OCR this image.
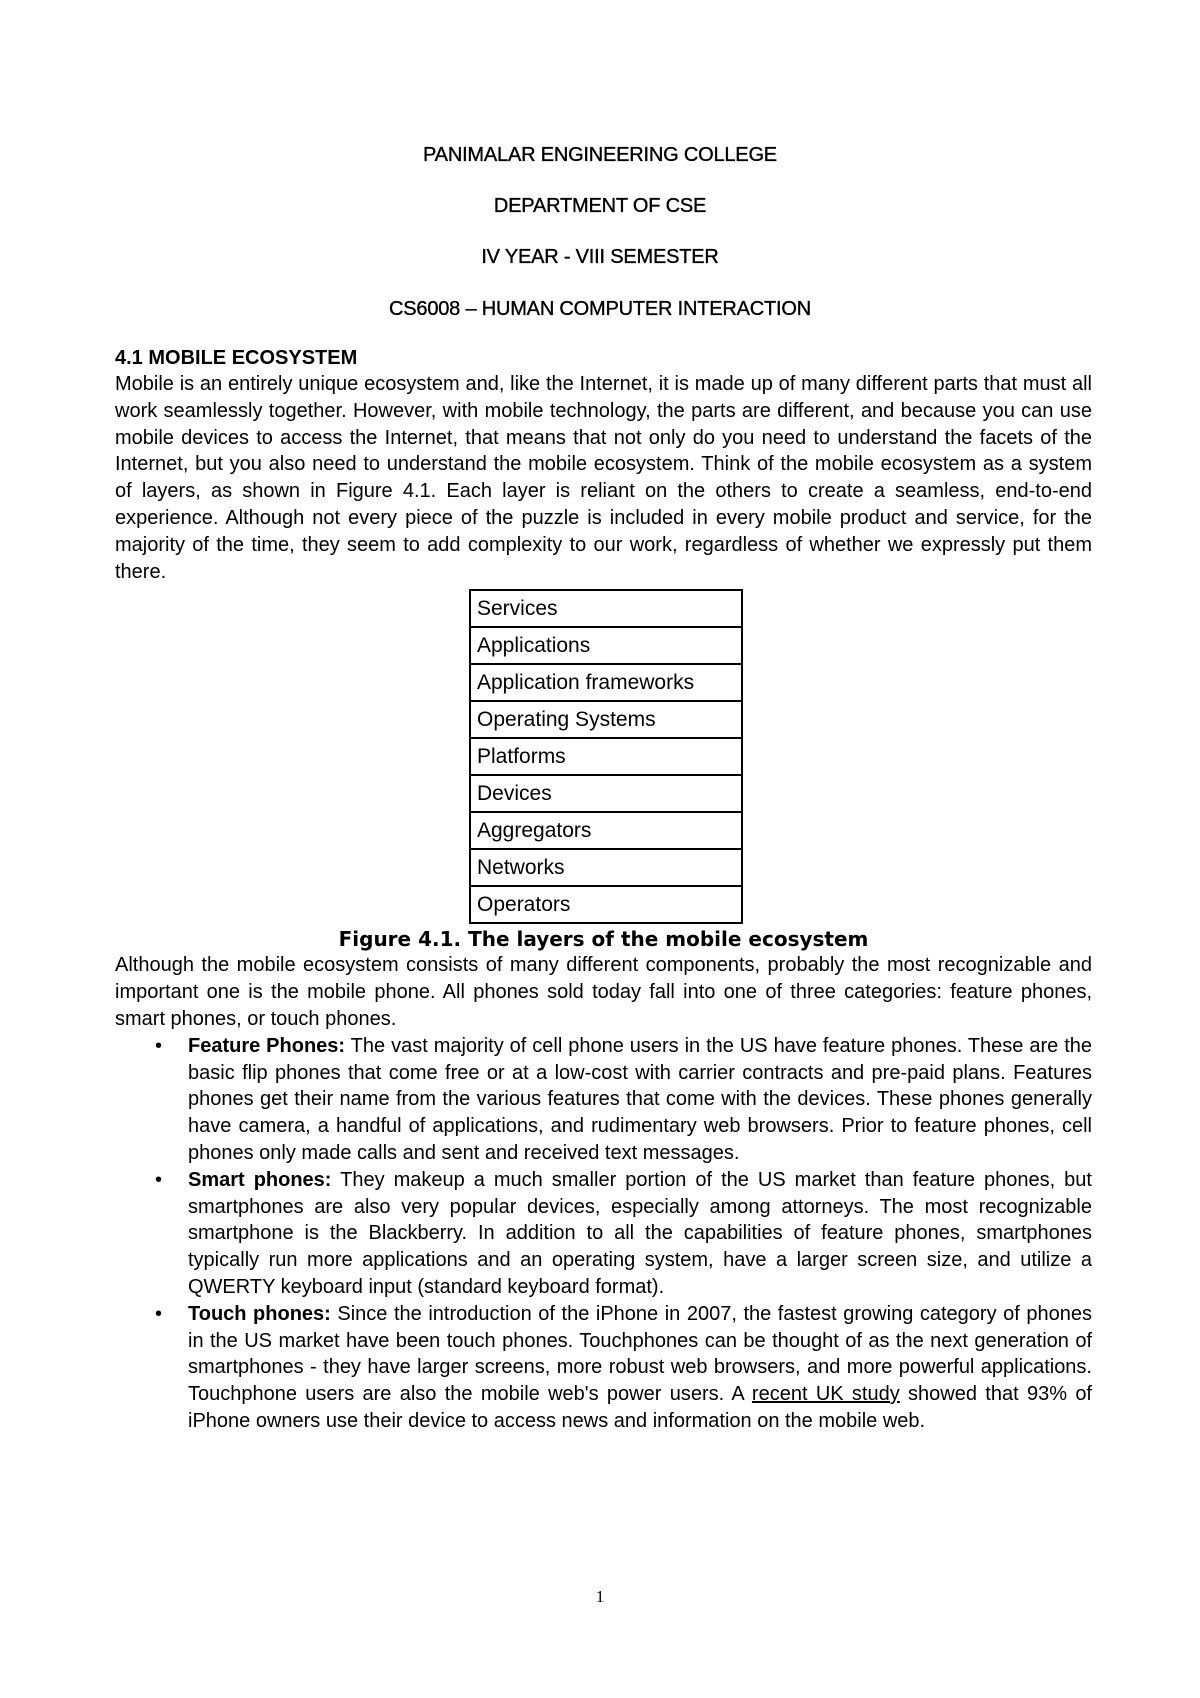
PANIMALAR ENGINEERING COLLEGE
DEPARTMENT OF CSE
IV YEAR - VIII SEMESTER
CS6008 – HUMAN COMPUTER INTERACTION
4.1 MOBILE ECOSYSTEM

Mobile is an entirely unique ecosystem and, like the Internet, it is made up of many different parts that must all work seamlessly together. However, with mobile technology, the parts are different, and because you can use mobile devices to access the Internet, that means that not only do you need to understand the facets of the Internet, but you also need to understand the mobile ecosystem. Think of the mobile ecosystem as a system of layers, as shown in Figure 4.1. Each layer is reliant on the others to create a seamless, end-to-end experience. Although not every piece of the puzzle is included in every mobile product and service, for the majority of the time, they seem to add complexity to our work, regardless of whether we expressly put them there.

Services
Applications
Application frameworks
Operating Systems
Platforms
Devices
Aggregators
Networks
Operators
Figure 4.1. The layers of the mobile ecosystem

Although the mobile ecosystem consists of many different components, probably the most recognizable and important one is the mobile phone. All phones sold today fall into one of three categories: feature phones, smart phones, or touch phones.

• Feature Phones: The vast majority of cell phone users in the US have feature phones. These are the basic flip phones that come free or at a low-cost with carrier contracts and pre-paid plans. Features phones get their name from the various features that come with the devices. These phones generally have camera, a handful of applications, and rudimentary web browsers. Prior to feature phones, cell phones only made calls and sent and received text messages.
• Smart phones: They makeup a much smaller portion of the US market than feature phones, but smartphones are also very popular devices, especially among attorneys. The most recognizable smartphone is the Blackberry. In addition to all the capabilities of feature phones, smartphones typically run more applications and an operating system, have a larger screen size, and utilize a QWERTY keyboard input (standard keyboard format).
• Touch phones: Since the introduction of the iPhone in 2007, the fastest growing category of phones in the US market have been touch phones. Touchphones can be thought of as the next generation of smartphones - they have larger screens, more robust web browsers, and more powerful applications. Touchphone users are also the mobile web's power users. A recent UK study showed that 93% of iPhone owners use their device to access news and information on the mobile web.
1
